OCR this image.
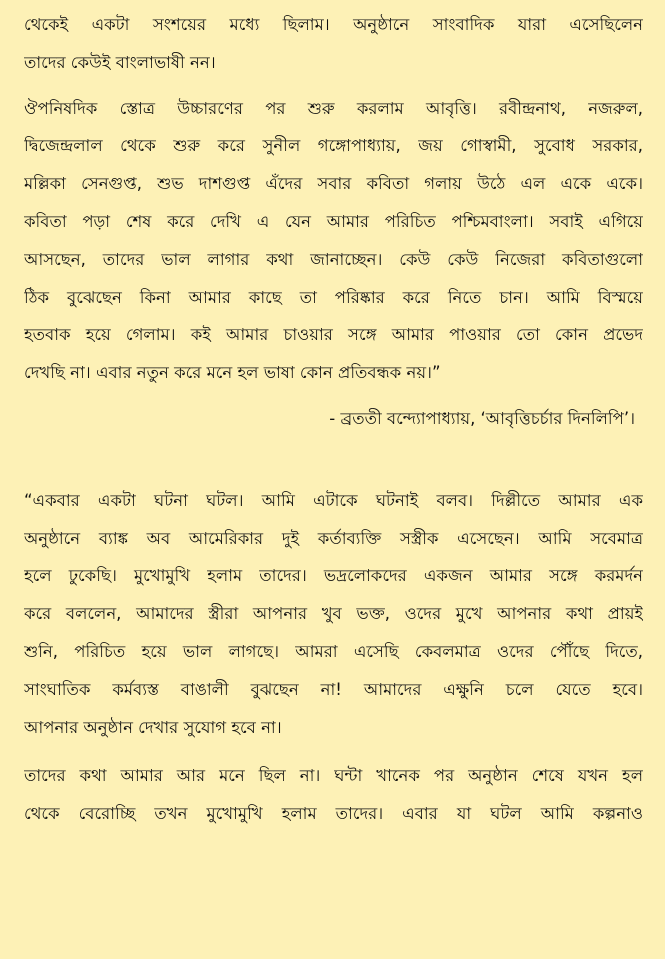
থেকেই একটা সংশয়ের মধ্যে ছিলাম। অনুষ্ঠানে সাংবাদিক যারা এসেছিলেন
তাদের কেউই বাংলাভাষী নন।

ঔপনিষদিক স্তোত্র উচ্চারণের পর শুরু করলাম আবৃত্তি। রবীন্দ্রনাথ, নজরুল,
দ্বিজেন্দ্রলাল থেকে শুরু করে সুনীল গঙ্গোপাধ্যায়, জয় গোস্বামী, সুবোধ সরকার,
মল্লিকা সেনগুপ্ত, শুভ দাশগুপ্ত এঁদের সবার কবিতা গলায় উঠে এল একে একে।
কবিতা পড়া শেষ করে দেখি এ যেন আমার পরিচিত পশ্চিমবাংলা। সবাই এগিয়ে
আসছেন, তাদের ভাল লাগার কথা জানাচ্ছেন। কেউ কেউ নিজেরা কবিতাগুলো
ঠিক বুঝেছেন কিনা আমার কাছে তা পরিষ্কার করে নিতে চান। আমি বিস্ময়ে
হতবাক হয়ে গেলাম। কই আমার চাওয়ার সঙ্গে আমার পাওয়ার তো কোন প্রভেদ
দেখছি না। এবার নতুন করে মনে হল ভাষা কোন প্রতিবন্ধক নয়।”

- ব্রততী বন্দ্যোপাধ্যায়, ‘আবৃত্তিচর্চার দিনলিপি’।

“একবার একটা ঘটনা ঘটল। আমি এটাকে ঘটনাই বলব। দিল্লীতে আমার এক
অনুষ্ঠানে ব্যাঙ্ক অব আমেরিকার দুই কর্তাব্যক্তি সস্ত্রীক এসেছেন। আমি সবেমাত্র
হলে ঢুকেছি। মুখোমুখি হলাম তাদের। ভদ্রলোকদের একজন আমার সঙ্গে করমর্দন
করে বললেন, আমাদের স্ত্রীরা আপনার খুব ভক্ত, ওদের মুখে আপনার কথা প্রায়ই
শুনি, পরিচিত হয়ে ভাল লাগছে। আমরা এসেছি কেবলমাত্র ওদের পৌঁছে দিতে,
সাংঘাতিক কর্মব্যস্ত বাঙালী বুঝছেন না! আমাদের এক্ষুনি চলে যেতে হবে।
আপনার অনুষ্ঠান দেখার সুযোগ হবে না।

তাদের কথা আমার আর মনে ছিল না। ঘন্টা খানেক পর অনুষ্ঠান শেষে যখন হল
থেকে বেরোচ্ছি তখন মুখোমুখি হলাম তাদের। এবার যা ঘটল আমি কল্পনাও
